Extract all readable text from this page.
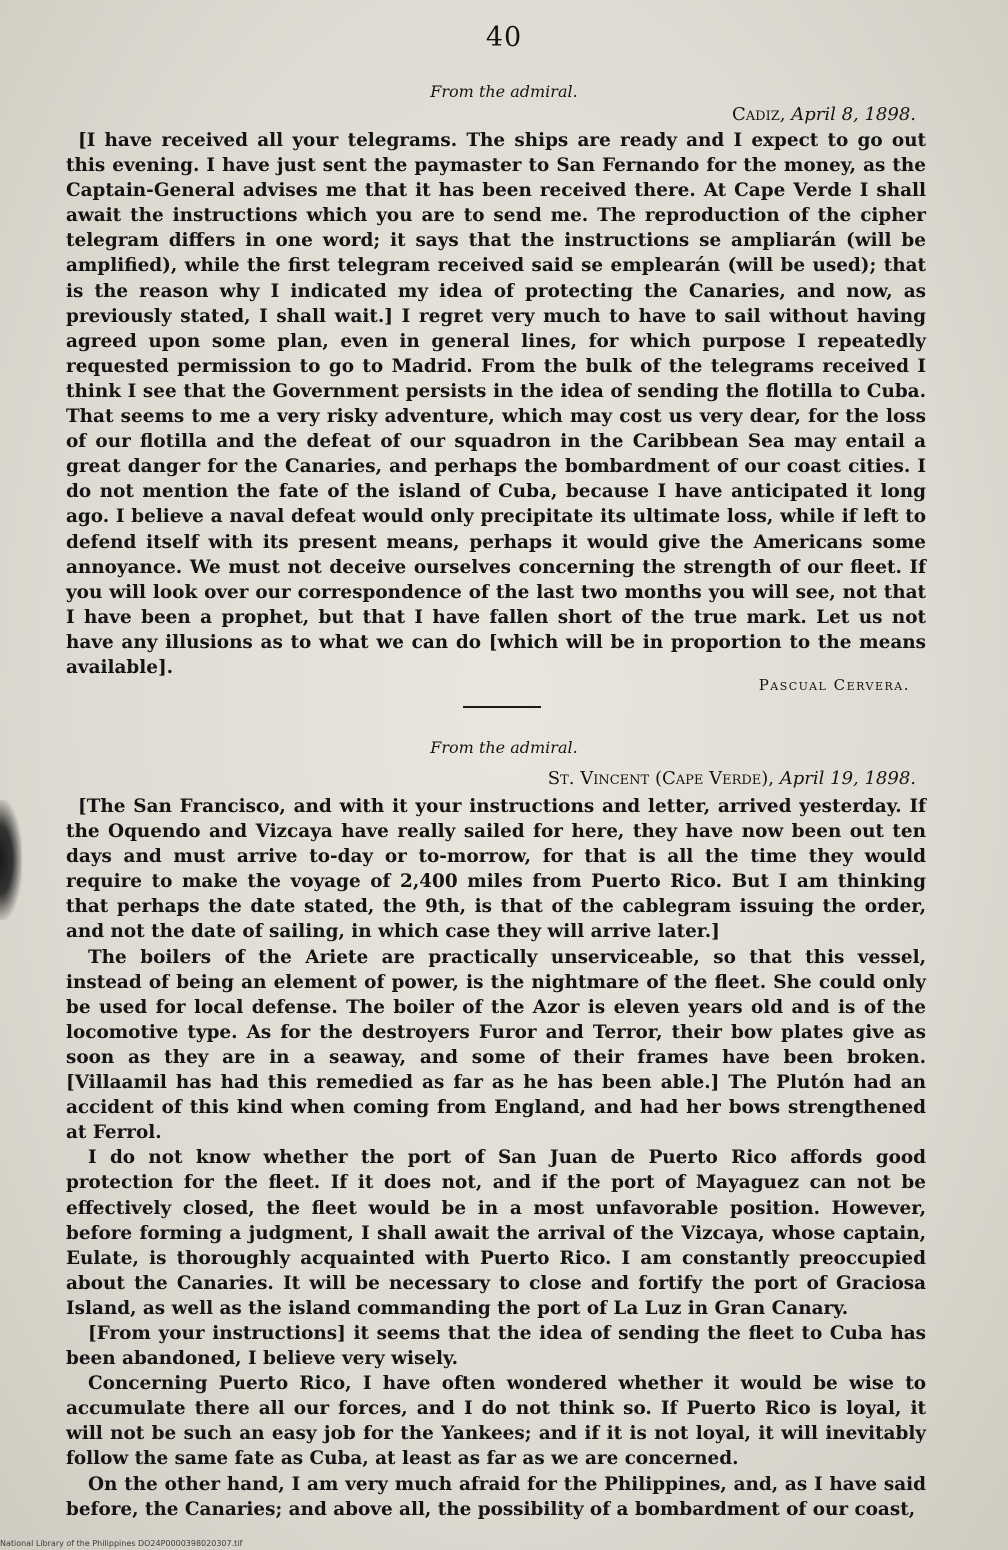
40
From the admiral.
Cadiz, April 8, 1898.

[I have received all your telegrams. The ships are ready and I expect to go out this evening. I have just sent the paymaster to San Fernando for the money, as the Captain-General advises me that it has been received there. At Cape Verde I shall await the instructions which you are to send me. The reproduction of the cipher telegram differs in one word; it says that the instructions se ampliarán (will be amplified), while the first telegram received said se emplearán (will be used); that is the reason why I indicated my idea of protecting the Canaries, and now, as previously stated, I shall wait.] I regret very much to have to sail without having agreed upon some plan, even in general lines, for which purpose I repeatedly requested permission to go to Madrid. From the bulk of the telegrams received I think I see that the Government persists in the idea of sending the flotilla to Cuba. That seems to me a very risky adventure, which may cost us very dear, for the loss of our flotilla and the defeat of our squadron in the Caribbean Sea may entail a great danger for the Canaries, and perhaps the bombardment of our coast cities. I do not mention the fate of the island of Cuba, because I have anticipated it long ago. I believe a naval defeat would only precipitate its ultimate loss, while if left to defend itself with its present means, perhaps it would give the Americans some annoyance. We must not deceive ourselves concerning the strength of our fleet. If you will look over our correspondence of the last two months you will see, not that I have been a prophet, but that I have fallen short of the true mark. Let us not have any illusions as to what we can do [which will be in proportion to the means available].

Pascual Cervera.
From the admiral.
St. Vincent (Cape Verde), April 19, 1898.

[The San Francisco, and with it your instructions and letter, arrived yesterday. If the Oquendo and Vizcaya have really sailed for here, they have now been out ten days and must arrive to-day or to-morrow, for that is all the time they would require to make the voyage of 2,400 miles from Puerto Rico. But I am thinking that perhaps the date stated, the 9th, is that of the cablegram issuing the order, and not the date of sailing, in which case they will arrive later.]

The boilers of the Ariete are practically unserviceable, so that this vessel, instead of being an element of power, is the nightmare of the fleet. She could only be used for local defense. The boiler of the Azor is eleven years old and is of the locomotive type. As for the destroyers Furor and Terror, their bow plates give as soon as they are in a seaway, and some of their frames have been broken. [Villaamil has had this remedied as far as he has been able.] The Plutón had an accident of this kind when coming from England, and had her bows strengthened at Ferrol.

I do not know whether the port of San Juan de Puerto Rico affords good protection for the fleet. If it does not, and if the port of Mayaguez can not be effectively closed, the fleet would be in a most unfavorable position. However, before forming a judgment, I shall await the arrival of the Vizcaya, whose captain, Eulate, is thoroughly acquainted with Puerto Rico. I am constantly preoccupied about the Canaries. It will be necessary to close and fortify the port of Graciosa Island, as well as the island commanding the port of La Luz in Gran Canary.

[From your instructions] it seems that the idea of sending the fleet to Cuba has been abandoned, I believe very wisely.

Concerning Puerto Rico, I have often wondered whether it would be wise to accumulate there all our forces, and I do not think so. If Puerto Rico is loyal, it will not be such an easy job for the Yankees; and if it is not loyal, it will inevitably follow the same fate as Cuba, at least as far as we are concerned.

On the other hand, I am very much afraid for the Philippines, and, as I have said before, the Canaries; and above all, the possibility of a bombardment of our coast,

National Library of the Philippines DO24P0000398020307.tif
